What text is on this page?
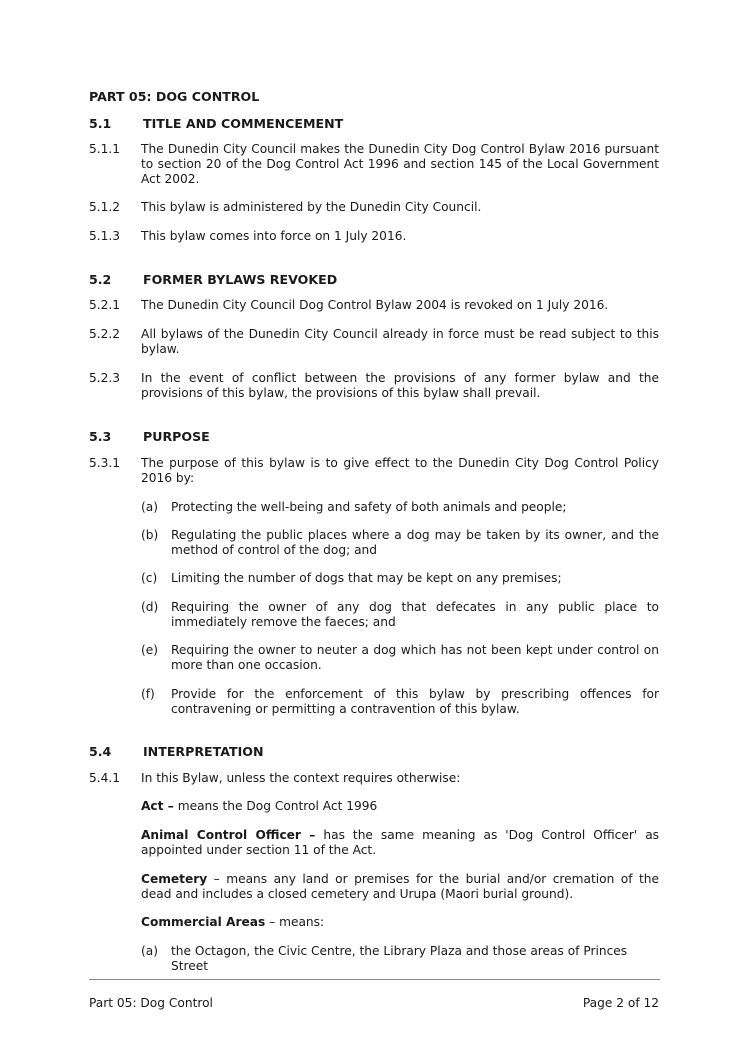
PART 05: DOG CONTROL
5.1	TITLE AND COMMENCEMENT
5.1.1	The Dunedin City Council makes the Dunedin City Dog Control Bylaw 2016 pursuant to section 20 of the Dog Control Act 1996 and section 145 of the Local Government Act 2002.
5.1.2	This bylaw is administered by the Dunedin City Council.
5.1.3	This bylaw comes into force on 1 July 2016.
5.2	FORMER BYLAWS REVOKED
5.2.1	The Dunedin City Council Dog Control Bylaw 2004 is revoked on 1 July 2016.
5.2.2	All bylaws of the Dunedin City Council already in force must be read subject to this bylaw.
5.2.3	In the event of conflict between the provisions of any former bylaw and the provisions of this bylaw, the provisions of this bylaw shall prevail.
5.3	PURPOSE
5.3.1	The purpose of this bylaw is to give effect to the Dunedin City Dog Control Policy 2016 by:
(a)	Protecting the well-being and safety of both animals and people;
(b)	Regulating the public places where a dog may be taken by its owner, and the method of control of the dog; and
(c)	Limiting the number of dogs that may be kept on any premises;
(d)	Requiring the owner of any dog that defecates in any public place to immediately remove the faeces; and
(e)	Requiring the owner to neuter a dog which has not been kept under control on more than one occasion.
(f)	Provide for the enforcement of this bylaw by prescribing offences for contravening or permitting a contravention of this bylaw.
5.4	INTERPRETATION
5.4.1	In this Bylaw, unless the context requires otherwise:
Act – means the Dog Control Act 1996
Animal Control Officer – has the same meaning as 'Dog Control Officer' as appointed under section 11 of the Act.
Cemetery – means any land or premises for the burial and/or cremation of the dead and includes a closed cemetery and Urupa (Maori burial ground).
Commercial Areas – means:
(a)	the Octagon, the Civic Centre, the Library Plaza and those areas of Princes Street
Part 05: Dog Control	Page 2 of 12
